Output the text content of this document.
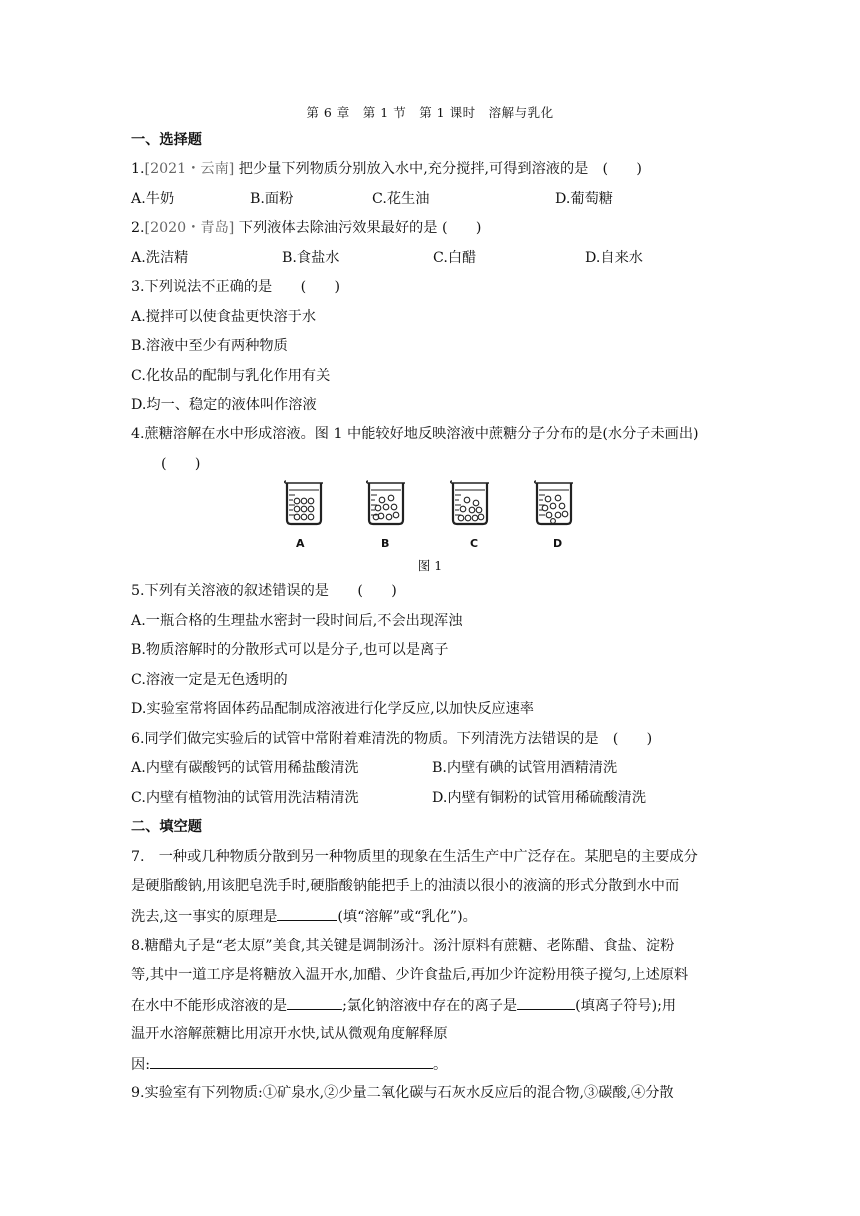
第 6 章　第 1 节　第 1 课时　溶解与乳化
一、选择题
1.[2021・云南] 把少量下列物质分别放入水中,充分搅拌,可得到溶液的是　(　　)
A.牛奶	B.面粉	C.花生油	D.葡萄糖
2.[2020・青岛] 下列液体去除油污效果最好的是 (　　)
A.洗洁精	B.食盐水	C.白醋	D.自来水
3.下列说法不正确的是　　(　　)
A.搅拌可以使食盐更快溶于水
B.溶液中至少有两种物质
C.化妆品的配制与乳化作用有关
D.均一、稳定的液体叫作溶液
4.蔗糖溶解在水中形成溶液。图 1 中能较好地反映溶液中蔗糖分子分布的是(水分子未画出)
(　　)
A	B	C	D
图 1
5.下列有关溶液的叙述错误的是　　(　　)
A.一瓶合格的生理盐水密封一段时间后,不会出现浑浊
B.物质溶解时的分散形式可以是分子,也可以是离子
C.溶液一定是无色透明的
D.实验室常将固体药品配制成溶液进行化学反应,以加快反应速率
6.同学们做完实验后的试管中常附着难清洗的物质。下列清洗方法错误的是　(　　)
A.内壁有碳酸钙的试管用稀盐酸清洗	B.内壁有碘的试管用酒精清洗
C.内壁有植物油的试管用洗洁精清洗	D.内壁有铜粉的试管用稀硫酸清洗
二、填空题
7.　一种或几种物质分散到另一种物质里的现象在生活生产中广泛存在。某肥皂的主要成分
是硬脂酸钠,用该肥皂洗手时,硬脂酸钠能把手上的油渍以很小的液滴的形式分散到水中而
洗去,这一事实的原理是	(填“溶解”或“乳化”)。
8.糖醋丸子是“老太原”美食,其关键是调制汤汁。汤汁原料有蔗糖、老陈醋、食盐、淀粉
等,其中一道工序是将糖放入温开水,加醋、少许食盐后,再加少许淀粉用筷子搅匀,上述原料
在水中不能形成溶液的是	;氯化钠溶液中存在的离子是	(填离子符号);用
温开水溶解蔗糖比用凉开水快,试从微观角度解释原
因:	。
9.实验室有下列物质:①矿泉水,②少量二氧化碳与石灰水反应后的混合物,③碳酸,④分散
